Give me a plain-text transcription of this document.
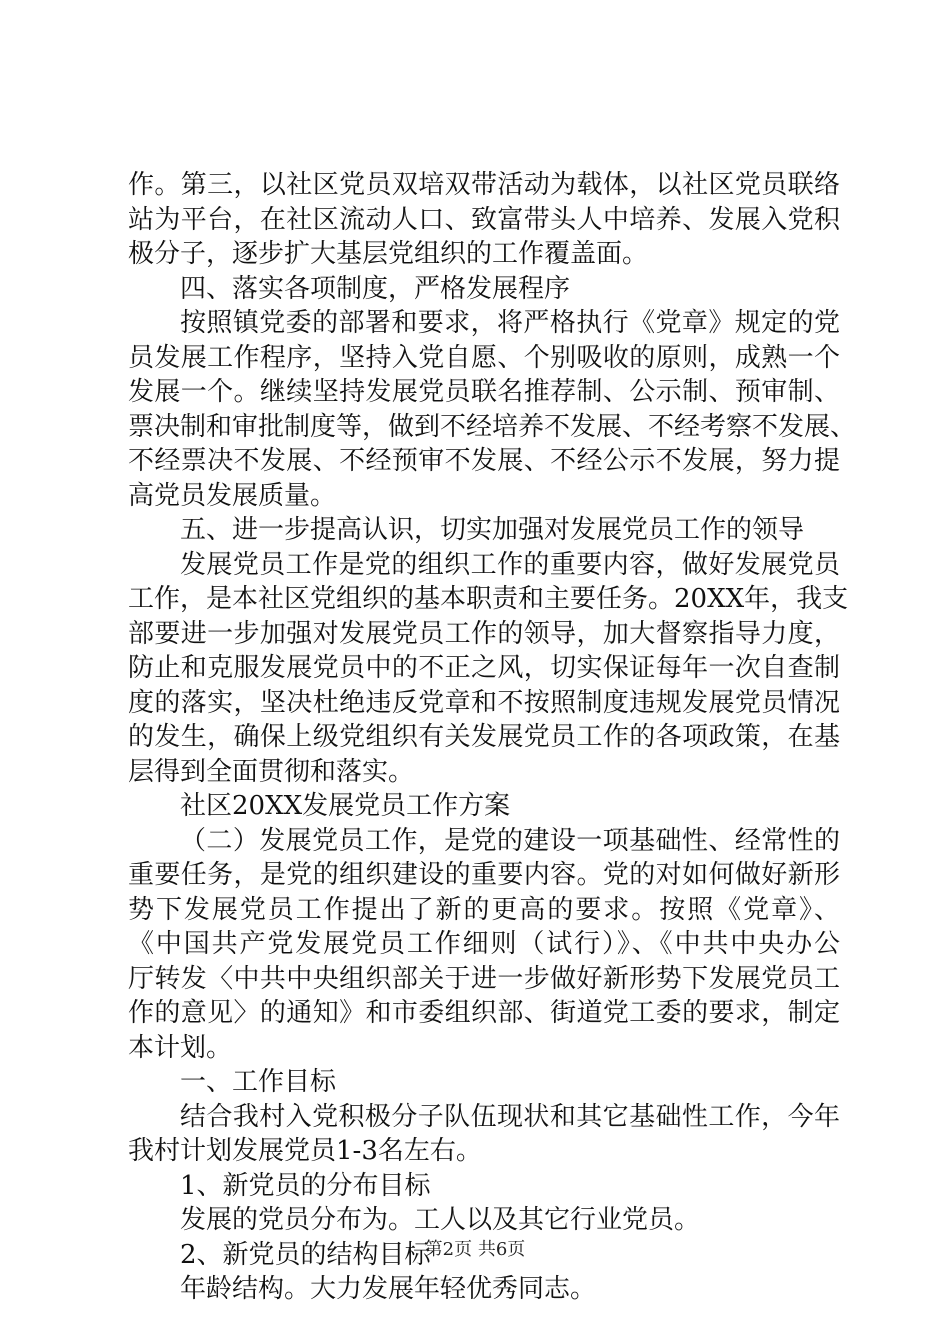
作。第三，以社区党员双培双带活动为载体，以社区党员联络
站为平台，在社区流动人口、致富带头人中培养、发展入党积
极分子，逐步扩大基层党组织的工作覆盖面。
四、落实各项制度，严格发展程序
按照镇党委的部署和要求，将严格执行《党章》规定的党
员发展工作程序，坚持入党自愿、个别吸收的原则，成熟一个
发展一个。继续坚持发展党员联名推荐制、公示制、预审制、
票决制和审批制度等，做到不经培养不发展、不经考察不发展、
不经票决不发展、不经预审不发展、不经公示不发展，努力提
高党员发展质量。
五、进一步提高认识，切实加强对发展党员工作的领导
发展党员工作是党的组织工作的重要内容，做好发展党员
工作，是本社区党组织的基本职责和主要任务。20XX年，我支
部要进一步加强对发展党员工作的领导，加大督察指导力度，
防止和克服发展党员中的不正之风，切实保证每年一次自查制
度的落实，坚决杜绝违反党章和不按照制度违规发展党员情况
的发生，确保上级党组织有关发展党员工作的各项政策，在基
层得到全面贯彻和落实。
社区20XX发展党员工作方案
（二）发展党员工作，是党的建设一项基础性、经常性的
重要任务，是党的组织建设的重要内容。党的对如何做好新形
势下发展党员工作提出了新的更高的要求。按照《党章》、
《中国共产党发展党员工作细则（试行）》、《中共中央办公
厅转发〈中共中央组织部关于进一步做好新形势下发展党员工
作的意见〉的通知》和市委组织部、街道党工委的要求，制定
本计划。
一、工作目标
结合我村入党积极分子队伍现状和其它基础性工作，今年
我村计划发展党员1-3名左右。
1、新党员的分布目标
发展的党员分布为。工人以及其它行业党员。
2、新党员的结构目标
年龄结构。大力发展年轻优秀同志。
第2页 共6页
